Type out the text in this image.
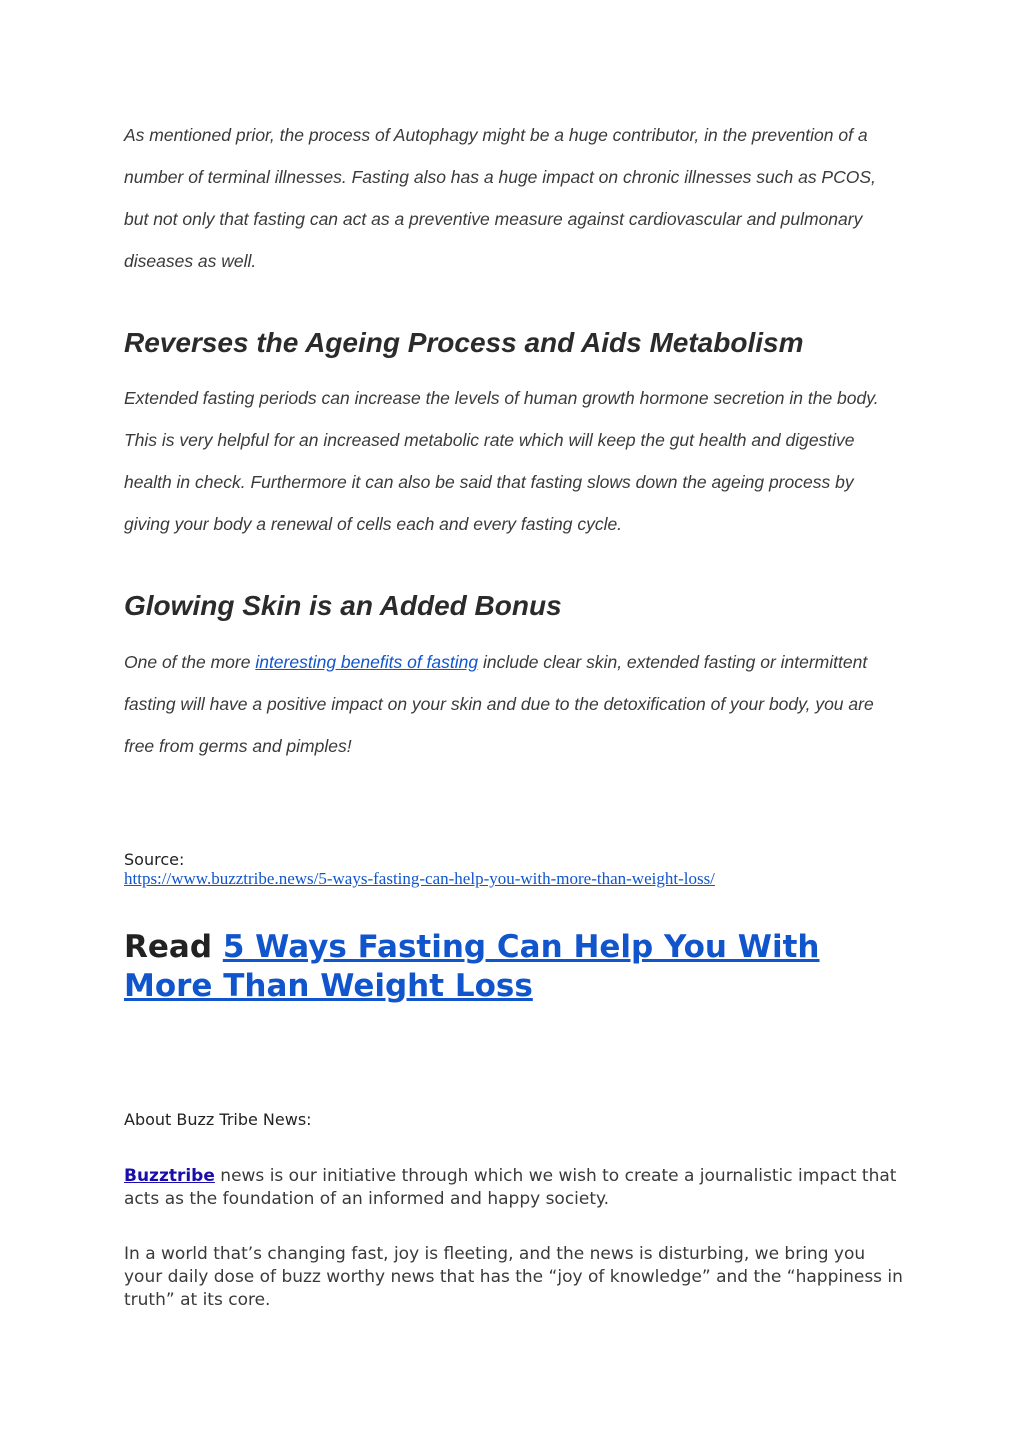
As mentioned prior, the process of Autophagy might be a huge contributor, in the prevention of a number of terminal illnesses. Fasting also has a huge impact on chronic illnesses such as PCOS, but not only that fasting can act as a preventive measure against cardiovascular and pulmonary diseases as well.

Reverses the Ageing Process and Aids Metabolism

Extended fasting periods can increase the levels of human growth hormone secretion in the body. This is very helpful for an increased metabolic rate which will keep the gut health and digestive health in check. Furthermore it can also be said that fasting slows down the ageing process by giving your body a renewal of cells each and every fasting cycle.

Glowing Skin is an Added Bonus

One of the more interesting benefits of fasting include clear skin, extended fasting or intermittent fasting will have a positive impact on your skin and due to the detoxification of your body, you are free from germs and pimples!

Source:

https://www.buzztribe.news/5-ways-fasting-can-help-you-with-more-than-weight-loss/
Read 5 Ways Fasting Can Help You With More Than Weight Loss

About Buzz Tribe News:

Buzztribe news is our initiative through which we wish to create a journalistic impact that acts as the foundation of an informed and happy society.

In a world that’s changing fast, joy is fleeting, and the news is disturbing, we bring you your daily dose of buzz worthy news that has the “joy of knowledge” and the “happiness in truth” at its core.
